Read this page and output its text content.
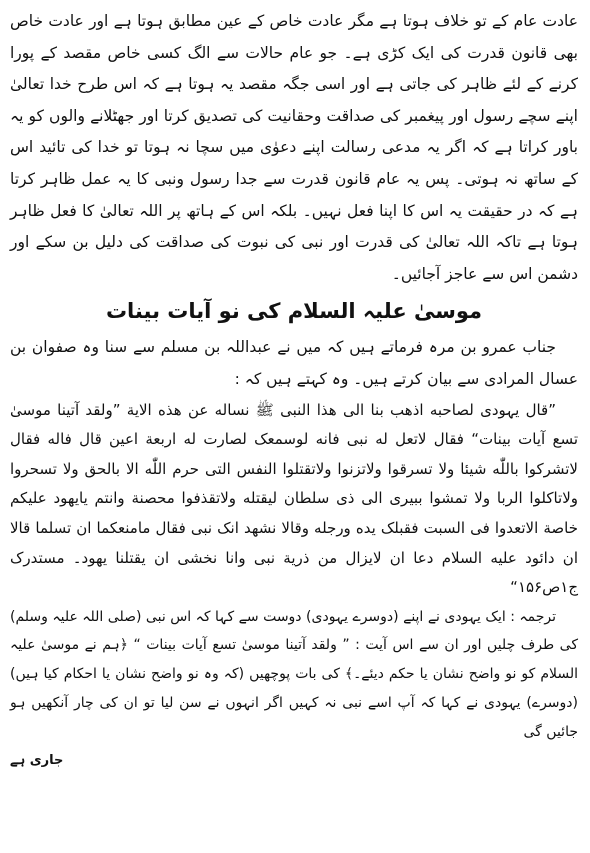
عادت عام کے تو خلاف ہوتا ہے مگر عادت خاص کے عین مطابق ہوتا ہے اور عادت خاص بھی قانون قدرت کی ایک کڑی ہے۔ جو عام حالات سے الگ کسی خاص مقصد کے پورا کرنے کے لئے ظاہر کی جاتی ہے اور اسی جگہ مقصد یہ ہوتا ہے کہ اس طرح خدا تعالیٰ اپنے سچے رسول اور پیغمبر کی صداقت وحقانیت کی تصدیق کرتا اور جھٹلانے والوں کو یہ باور کراتا ہے کہ اگر یہ مدعی رسالت اپنے دعوٰی میں سچا نہ ہوتا تو خدا کی تائید اس کے ساتھ نہ ہوتی۔ پس یہ عام قانون قدرت سے جدا رسول ونبی کا یہ عمل ظاہر کرتا ہے کہ در حقیقت یہ اس کا اپنا فعل نہیں۔ بلکہ اس کے ہاتھ پر اللہ تعالیٰ کا فعل ظاہر ہوتا ہے تاکہ اللہ تعالیٰ کی قدرت اور نبی کی نبوت کی صداقت کی دلیل بن سکے اور دشمن اس سے عاجز آجائیں۔

موسیٰ علیہ السلام کی نو آیات بینات

جناب عمرو بن مرہ فرماتے ہیں کہ میں نے عبداللہ بن مسلم سے سنا وہ صفوان بن عسال المرادی سے بیان کرتے ہیں۔ وہ کہتے ہیں کہ :

”قال یہودی لصاحبه اذهب بنا الی هذا النبی ﷺ نساله عن هذه الایة ”ولقد آتینا موسیٰ تسع آیات بینات“ فقال لاتعل له نبی فانه لوسمعک لصارت له اربعة اعین قال فاله فقال لاتشرکوا باللّٰه شیئا ولا تسرقوا ولاتزنوا ولاتقتلوا النفس التی حرم اللّٰه الا بالحق ولا تسحروا ولاتاکلوا الربا ولا تمشوا ببیری الی ذی سلطان لیقتله ولاتقذفوا محصنة وانتم یایهود علیکم خاصة الاتعدوا فی السبت فقبلک یده ورجله وقالا نشهد انک نبی فقال مامنعکما ان تسلما قالا ان دائود علیه السلام دعا ان لایزال من ذریة نبی وانا نخشی ان یقتلنا یهود۔ مستدرک ج۱ص۱۵۶“

ترجمہ : ایک یہودی نے اپنے (دوسرے یہودی) دوست سے کہا کہ اس نبی (صلی اللہ علیہ وسلم) کی طرف چلیں اور ان سے اس آیت : ” ولقد آتینا موسیٰ تسع آیات بینات “ ﴿ہم نے موسیٰ علیہ السلام کو نو واضح نشان یا حکم دیئے۔﴾ کی بات پوچھیں (کہ وہ نو واضح نشان یا احکام کیا ہیں) (دوسرے) یہودی نے کہا کہ آپ اسے نبی نہ کہیں اگر انہوں نے سن لیا تو ان کی چار آنکھیں ہو جائیں گی
جاری ہے
